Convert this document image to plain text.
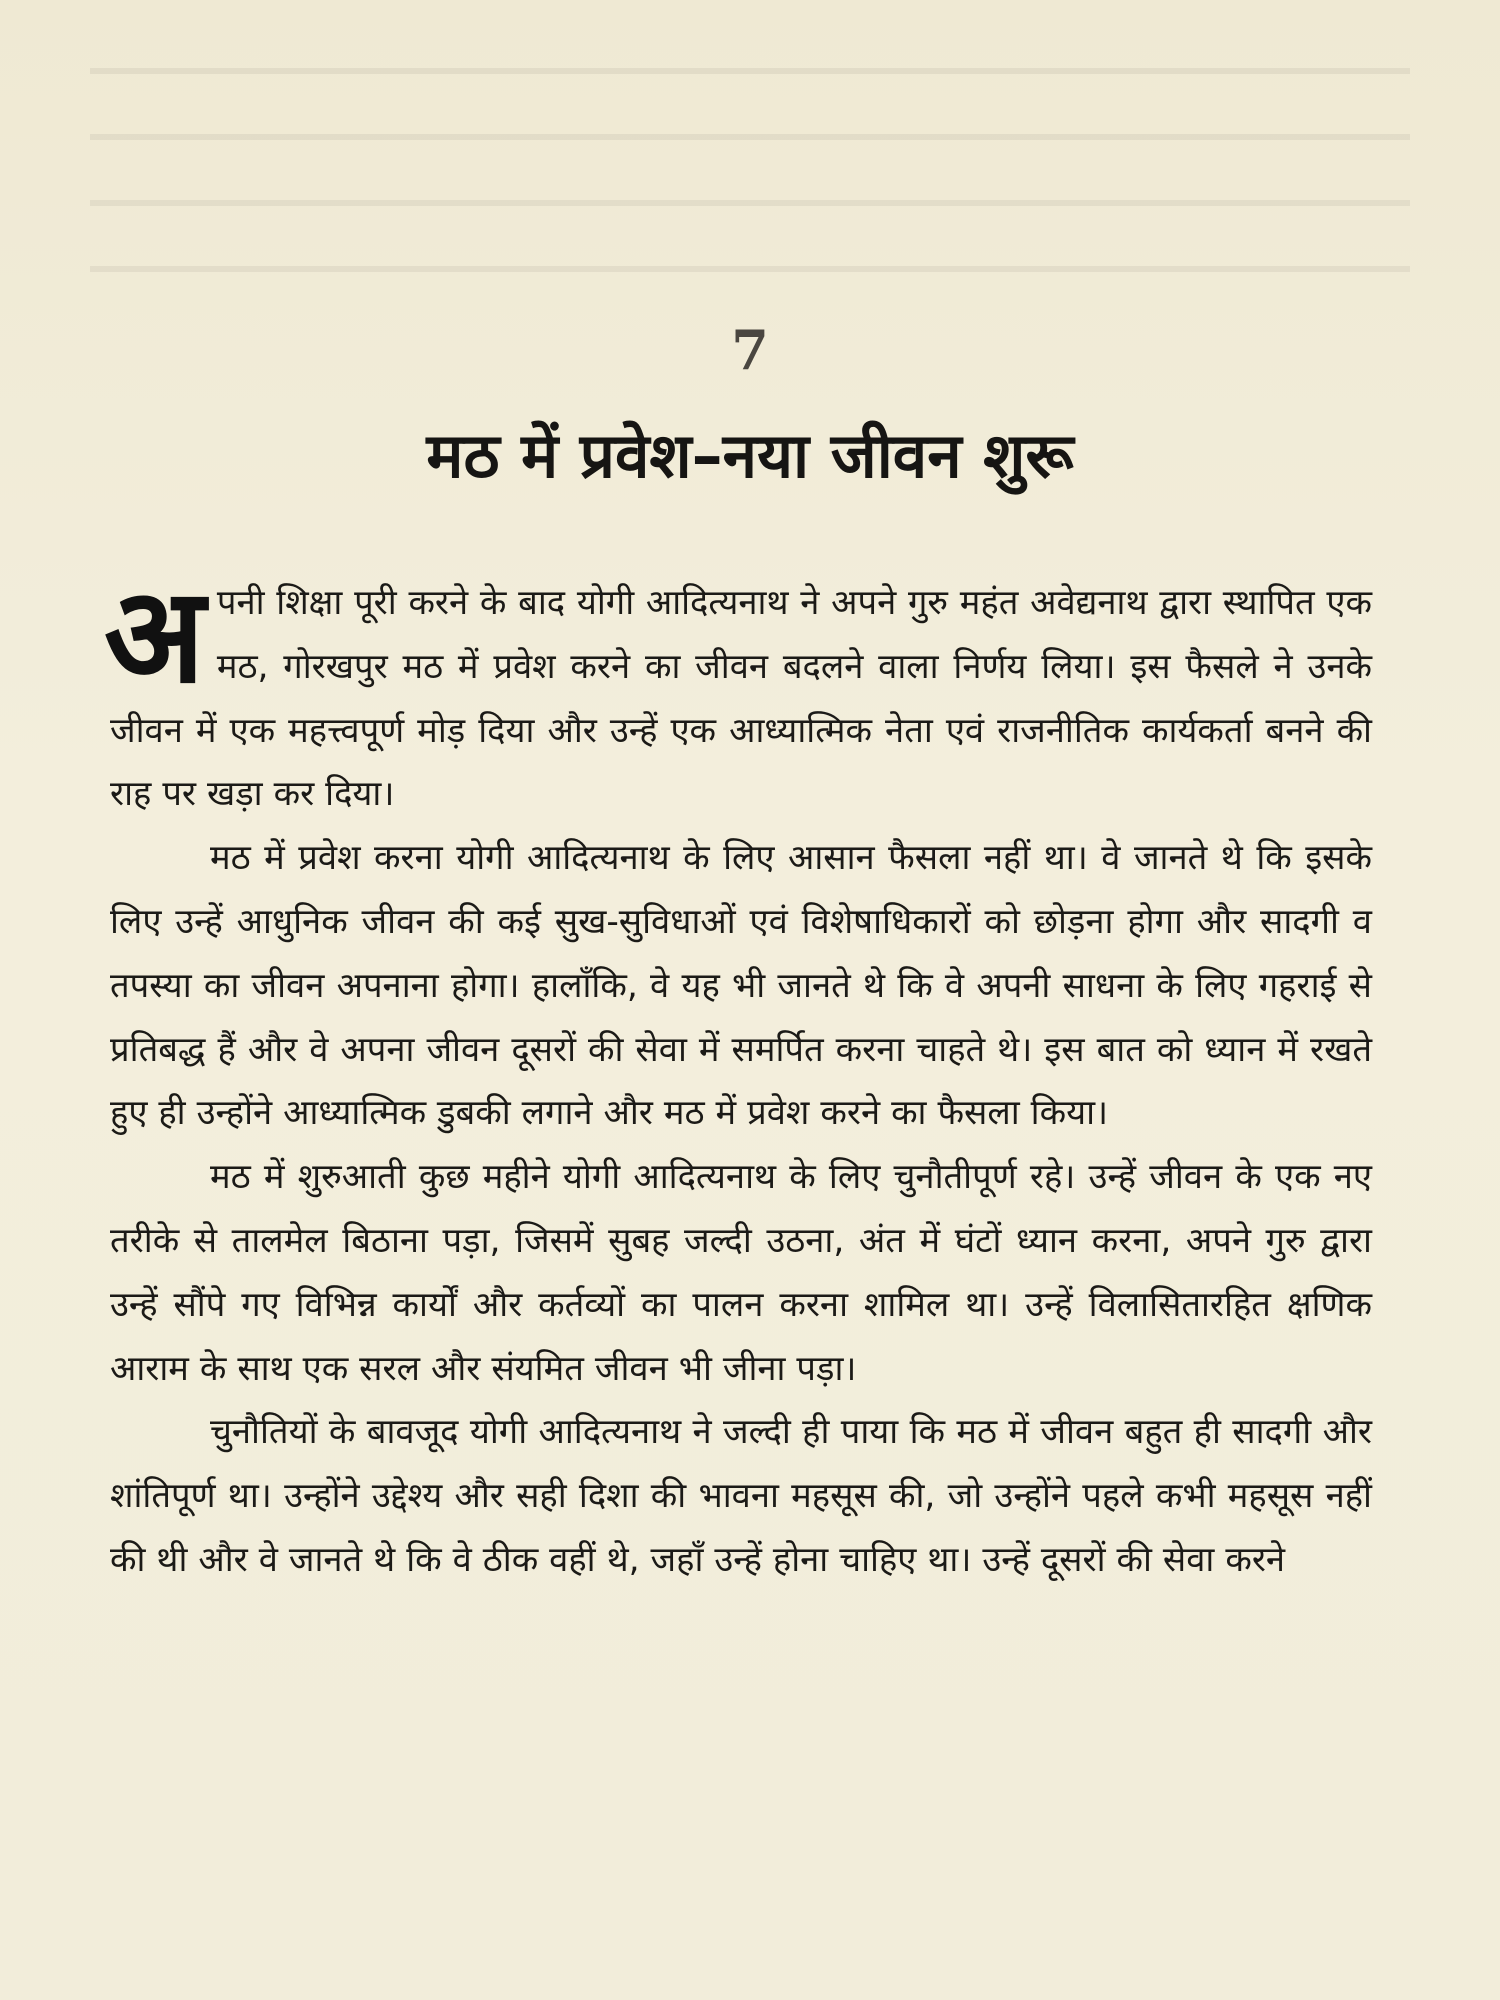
7
मठ में प्रवेश–नया जीवन शुरू

अपनी शिक्षा पूरी करने के बाद योगी आदित्यनाथ ने अपने गुरु महंत अवेद्यनाथ द्वारा स्थापित एक मठ, गोरखपुर मठ में प्रवेश करने का जीवन बदलने वाला निर्णय लिया। इस फैसले ने उनके जीवन में एक महत्त्वपूर्ण मोड़ दिया और उन्हें एक आध्यात्मिक नेता एवं राजनीतिक कार्यकर्ता बनने की राह पर खड़ा कर दिया।

मठ में प्रवेश करना योगी आदित्यनाथ के लिए आसान फैसला नहीं था। वे जानते थे कि इसके लिए उन्हें आधुनिक जीवन की कई सुख-सुविधाओं एवं विशेषाधिकारों को छोड़ना होगा और सादगी व तपस्या का जीवन अपनाना होगा। हालाँकि, वे यह भी जानते थे कि वे अपनी साधना के लिए गहराई से प्रतिबद्ध हैं और वे अपना जीवन दूसरों की सेवा में समर्पित करना चाहते थे। इस बात को ध्यान में रखते हुए ही उन्होंने आध्यात्मिक डुबकी लगाने और मठ में प्रवेश करने का फैसला किया।

मठ में शुरुआती कुछ महीने योगी आदित्यनाथ के लिए चुनौतीपूर्ण रहे। उन्हें जीवन के एक नए तरीके से तालमेल बिठाना पड़ा, जिसमें सुबह जल्दी उठना, अंत में घंटों ध्यान करना, अपने गुरु द्वारा उन्हें सौंपे गए विभिन्न कार्यों और कर्तव्यों का पालन करना शामिल था। उन्हें विलासितारहित क्षणिक आराम के साथ एक सरल और संयमित जीवन भी जीना पड़ा।

चुनौतियों के बावजूद योगी आदित्यनाथ ने जल्दी ही पाया कि मठ में जीवन बहुत ही सादगी और शांतिपूर्ण था। उन्होंने उद्देश्य और सही दिशा की भावना महसूस की, जो उन्होंने पहले कभी महसूस नहीं की थी और वे जानते थे कि वे ठीक वहीं थे, जहाँ उन्हें होना चाहिए था। उन्हें दूसरों की सेवा करने
